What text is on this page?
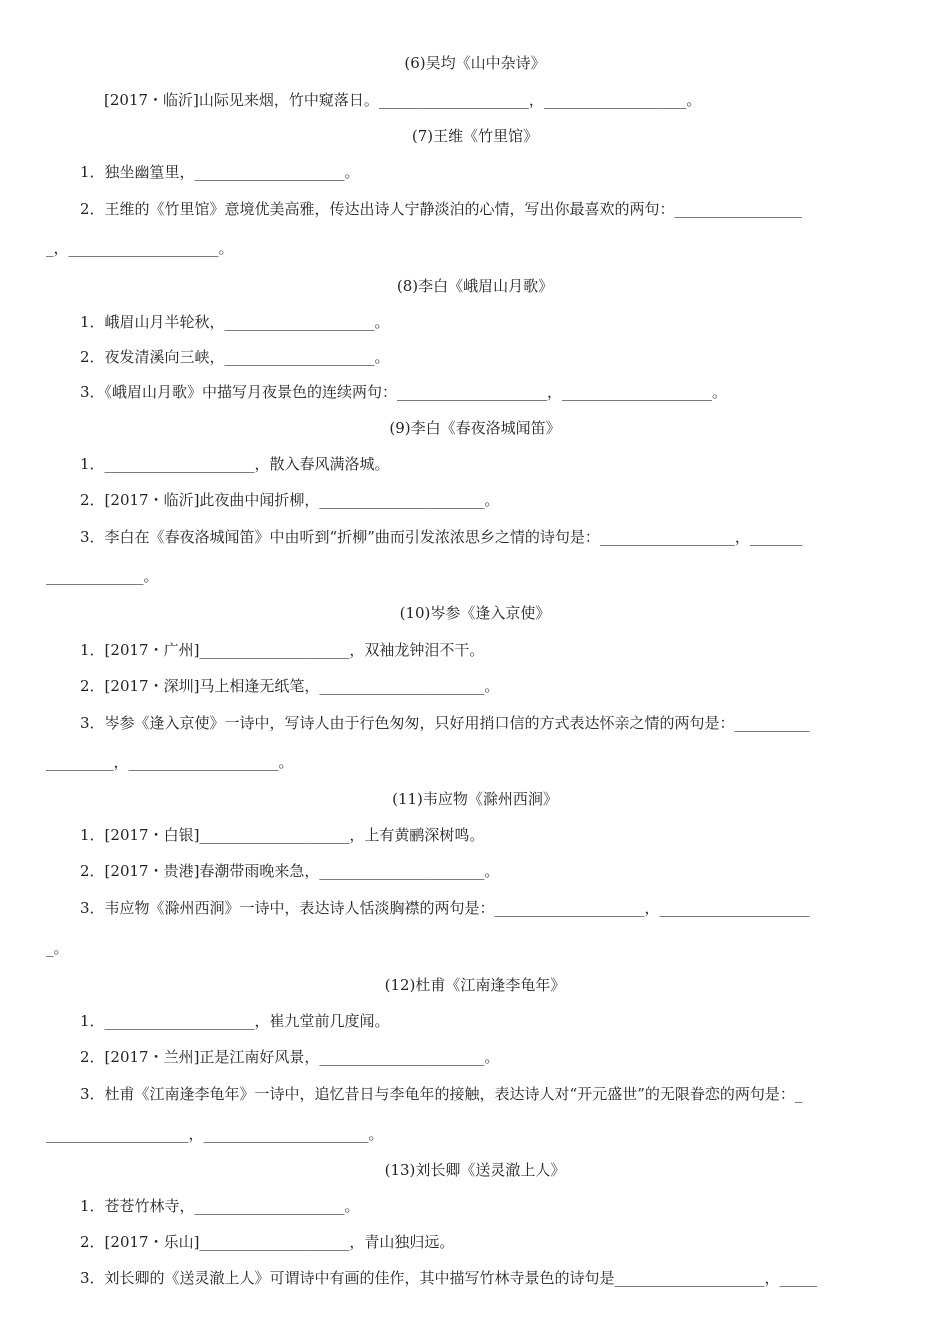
(6)吴均《山中杂诗》
[2017・临沂]山际见来烟，竹中窥落日。____________________，___________________。
(7)王维《竹里馆》
1．独坐幽篁里，____________________。
2．王维的《竹里馆》意境优美高雅，传达出诗人宁静淡泊的心情，写出你最喜欢的两句：_________________
_，____________________。
(8)李白《峨眉山月歌》
1．峨眉山月半轮秋，____________________。
2．夜发清溪向三峡，____________________。
3．《峨眉山月歌》中描写月夜景色的连续两句：____________________，____________________。
(9)李白《春夜洛城闻笛》
1．____________________，散入春风满洛城。
2．[2017・临沂]此夜曲中闻折柳，______________________。
3．李白在《春夜洛城闻笛》中由听到“折柳”曲而引发浓浓思乡之情的诗句是：__________________，_______
_____________。
(10)岑参《逢入京使》
1．[2017・广州]____________________，双袖龙钟泪不干。
2．[2017・深圳]马上相逢无纸笔，______________________。
3．岑参《逢入京使》一诗中，写诗人由于行色匆匆，只好用捎口信的方式表达怀亲之情的两句是：__________
_________，____________________。
(11)韦应物《滁州西涧》
1．[2017・白银]____________________，上有黄鹂深树鸣。
2．[2017・贵港]春潮带雨晚来急，______________________。
3．韦应物《滁州西涧》一诗中，表达诗人恬淡胸襟的两句是：____________________，____________________
_。
(12)杜甫《江南逢李龟年》
1．____________________，崔九堂前几度闻。
2．[2017・兰州]正是江南好风景，______________________。
3．杜甫《江南逢李龟年》一诗中，追忆昔日与李龟年的接触，表达诗人对“开元盛世”的无限眷恋的两句是：_
___________________，______________________。
(13)刘长卿《送灵澈上人》
1．苍苍竹林寺，____________________。
2．[2017・乐山]____________________，青山独归远。
3．刘长卿的《送灵澈上人》可谓诗中有画的佳作，其中描写竹林寺景色的诗句是____________________，_____
